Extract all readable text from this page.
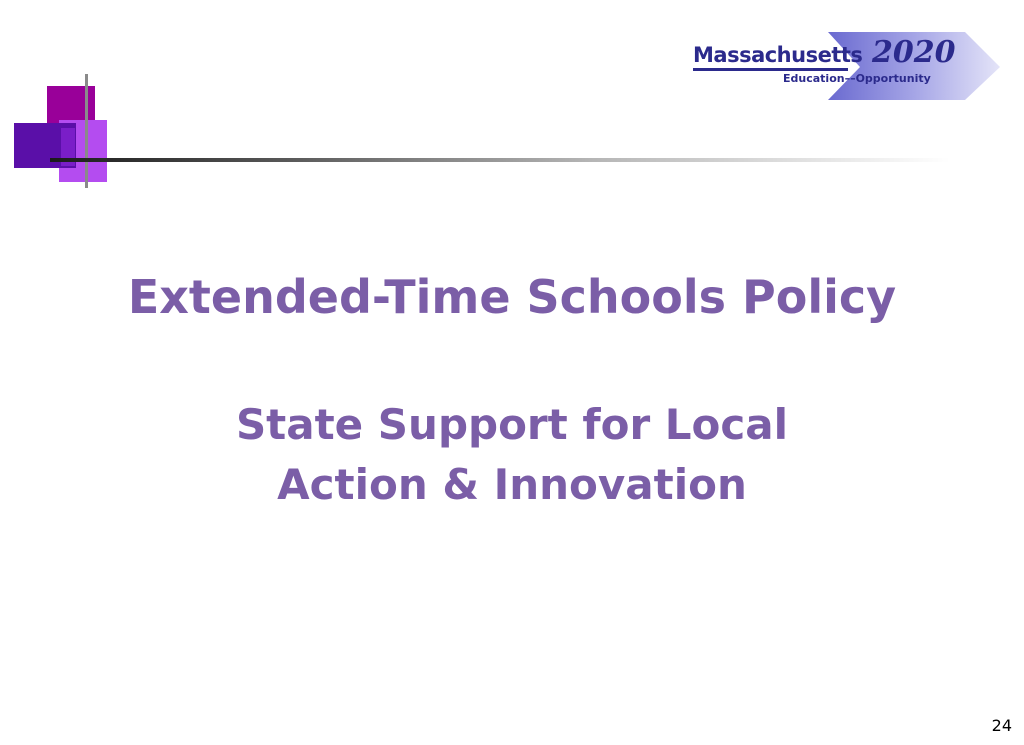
Massachusetts 2020
Education––Opportunity
Extended-Time Schools Policy
State Support for Local
Action & Innovation
24
